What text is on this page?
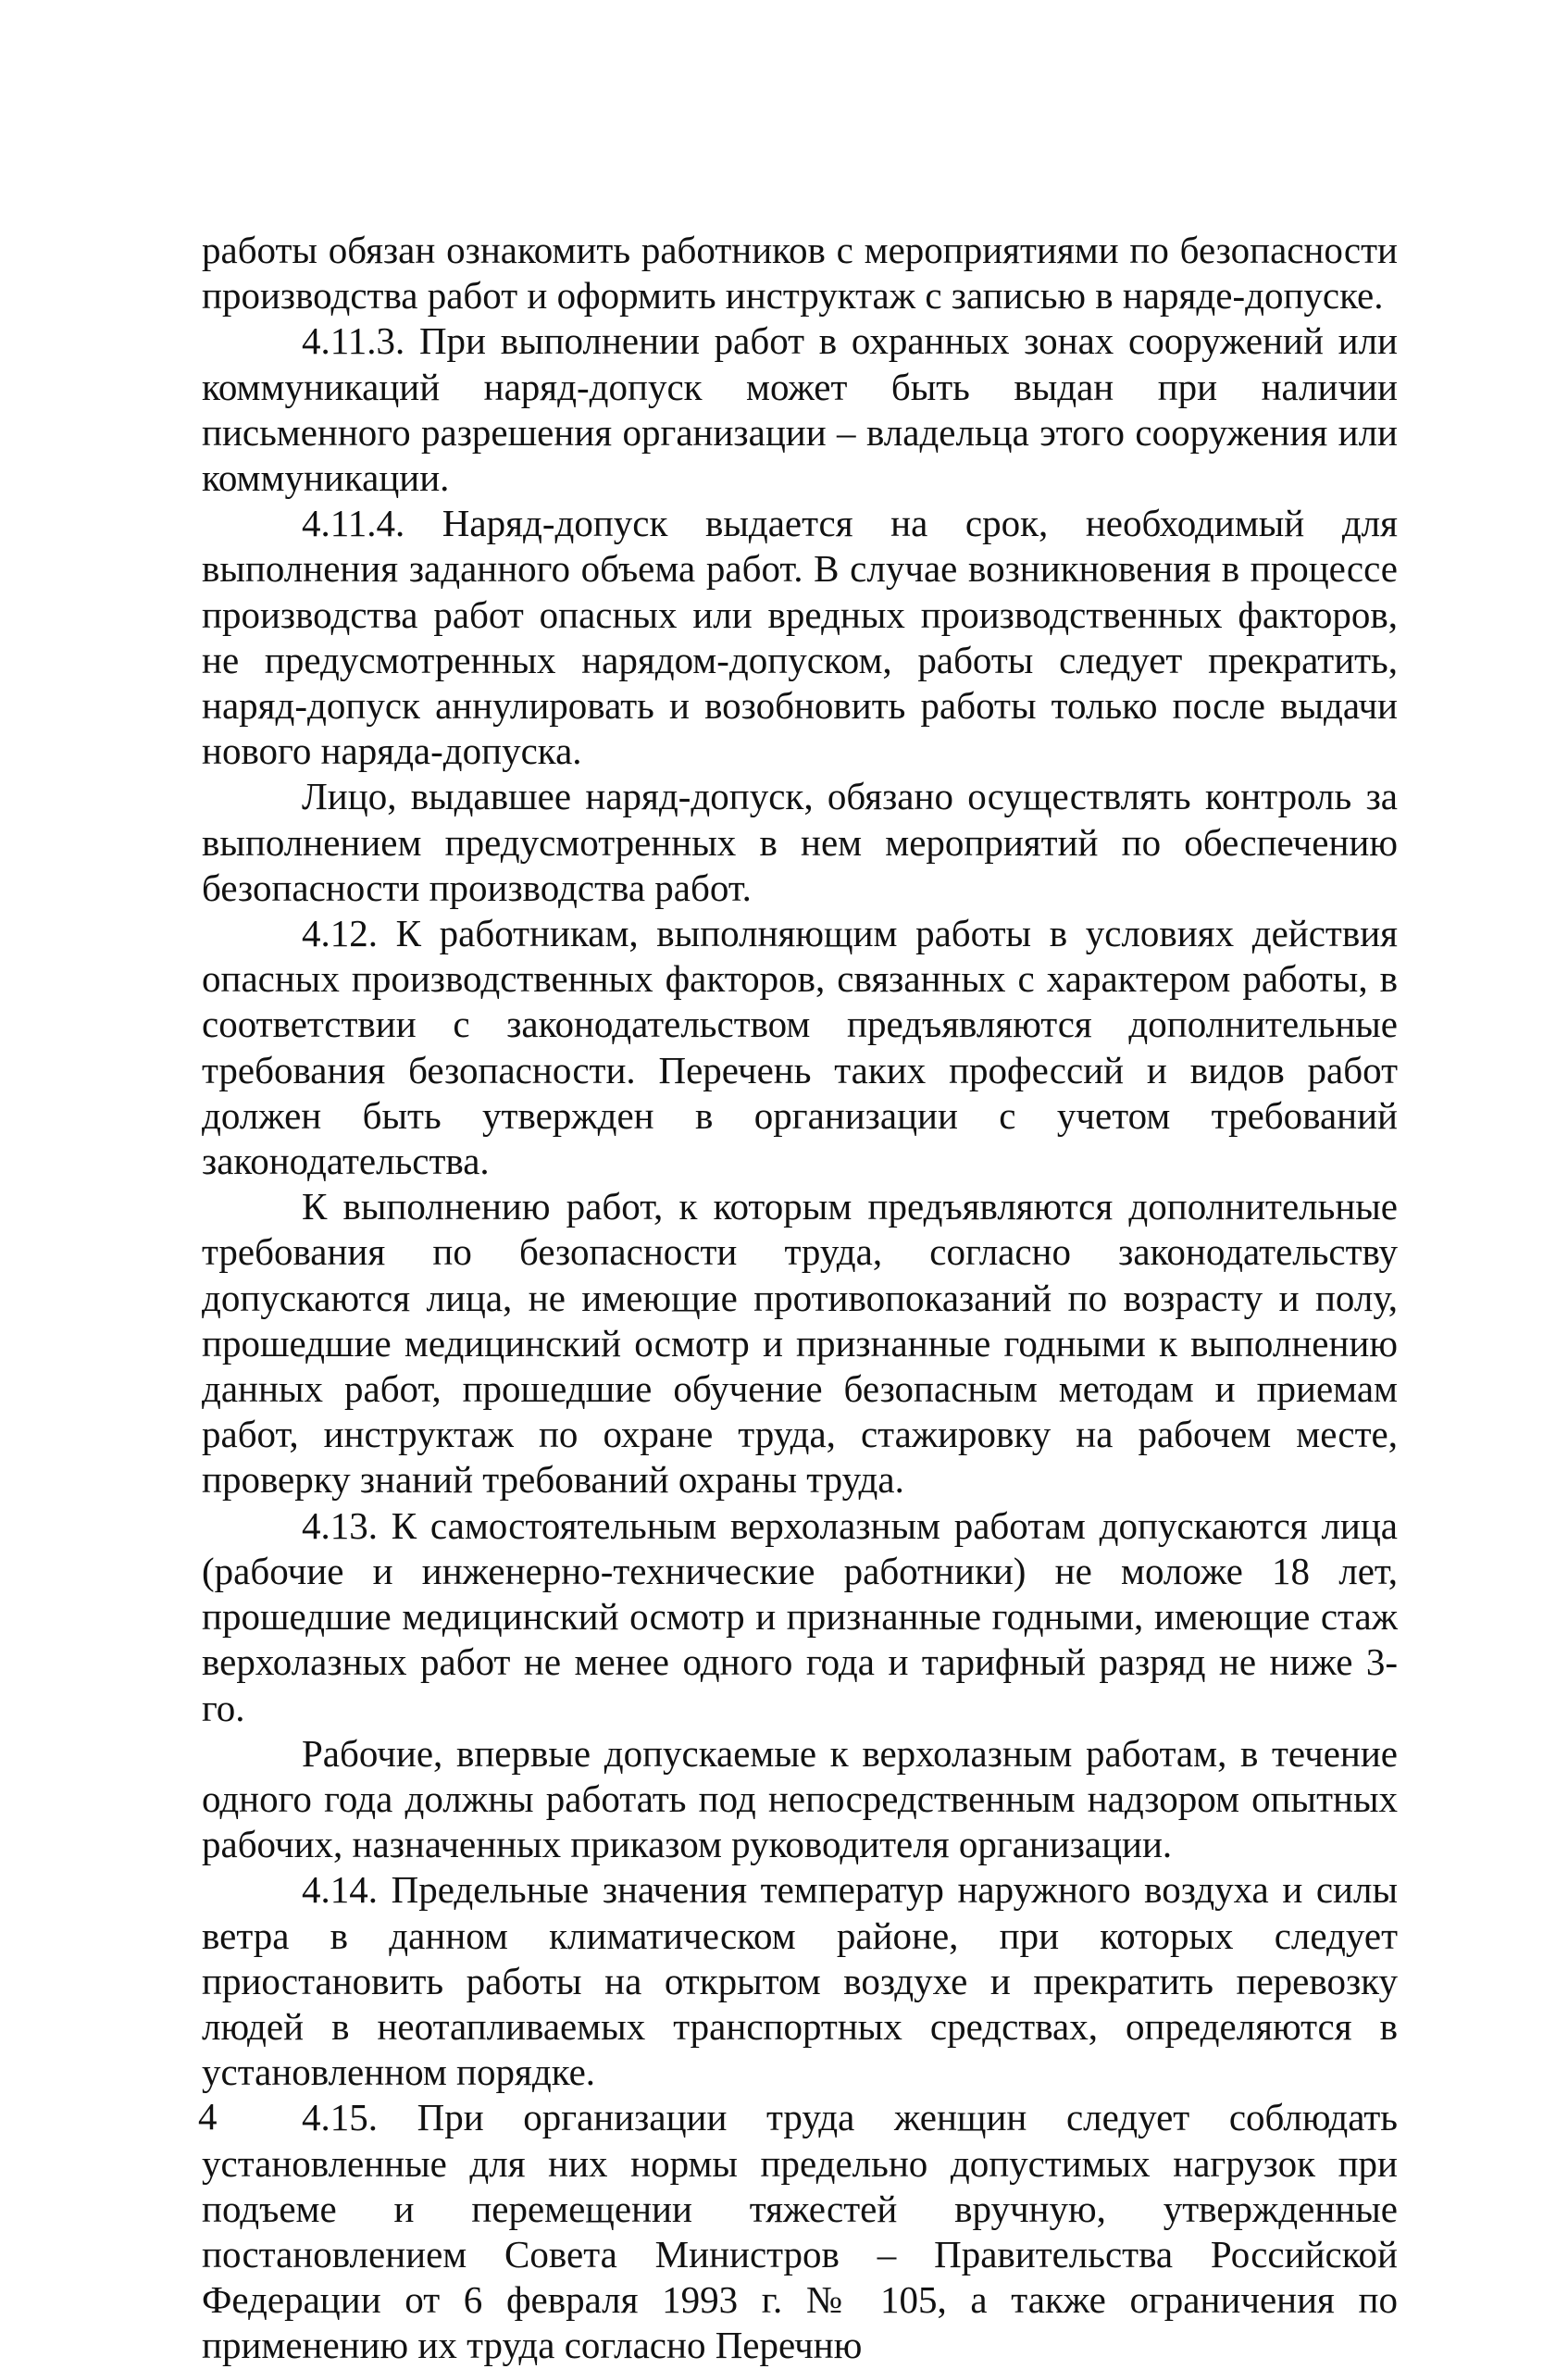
работы обязан ознакомить работников с мероприятиями по безопасности производства работ и оформить инструктаж с записью в наряде-допуске.

4.11.3. При выполнении работ в охранных зонах сооружений или коммуникаций наряд-допуск может быть выдан при наличии письменного разрешения организации – владельца этого сооружения или коммуникации.

4.11.4. Наряд-допуск выдается на срок, необходимый для выполнения заданного объема работ. В случае возникновения в процессе производства работ опасных или вредных производственных факторов, не предусмотренных нарядом-допуском, работы следует прекратить, наряд-допуск аннулировать и возобновить работы только после выдачи нового наряда-допуска.

Лицо, выдавшее наряд-допуск, обязано осуществлять контроль за выполнением предусмотренных в нем мероприятий по обеспечению безопасности производства работ.

4.12. К работникам, выполняющим работы в условиях действия опасных производственных факторов, связанных с характером работы, в соответствии с законодательством предъявляются дополнительные требования безопасности. Перечень таких профессий и видов работ должен быть утвержден в организации с учетом требований законодательства.

К выполнению работ, к которым предъявляются дополнительные требования по безопасности труда, согласно законодательству допускаются лица, не имеющие противопоказаний по возрасту и полу, прошедшие медицинский осмотр и признанные годными к выполнению данных работ, прошедшие обучение безопасным методам и приемам работ, инструктаж по охране труда, стажировку на рабочем месте, проверку знаний требований охраны труда.

4.13. К самостоятельным верхолазным работам допускаются лица (рабочие и инженерно-технические работники) не моложе 18 лет, прошедшие медицинский осмотр и признанные годными, имеющие стаж верхолазных работ не менее одного года и тарифный разряд не ниже 3-го.

Рабочие, впервые допускаемые к верхолазным работам, в течение одного года должны работать под непосредственным надзором опытных рабочих, назначенных приказом руководителя организации.

4.14. Предельные значения температур наружного воздуха и силы ветра в данном климатическом районе, при которых следует приостановить работы на открытом воздухе и прекратить перевозку людей в неотапливаемых транспортных средствах, определяются в установленном порядке.

4.15. При организации труда женщин следует соблюдать установленные для них нормы предельно допустимых нагрузок при подъеме и перемещении тяжестей вручную, утвержденные постановлением Совета Министров – Правительства Российской Федерации от 6 февраля 1993 г. № 105, а также ограничения по применению их труда согласно Перечню

4
